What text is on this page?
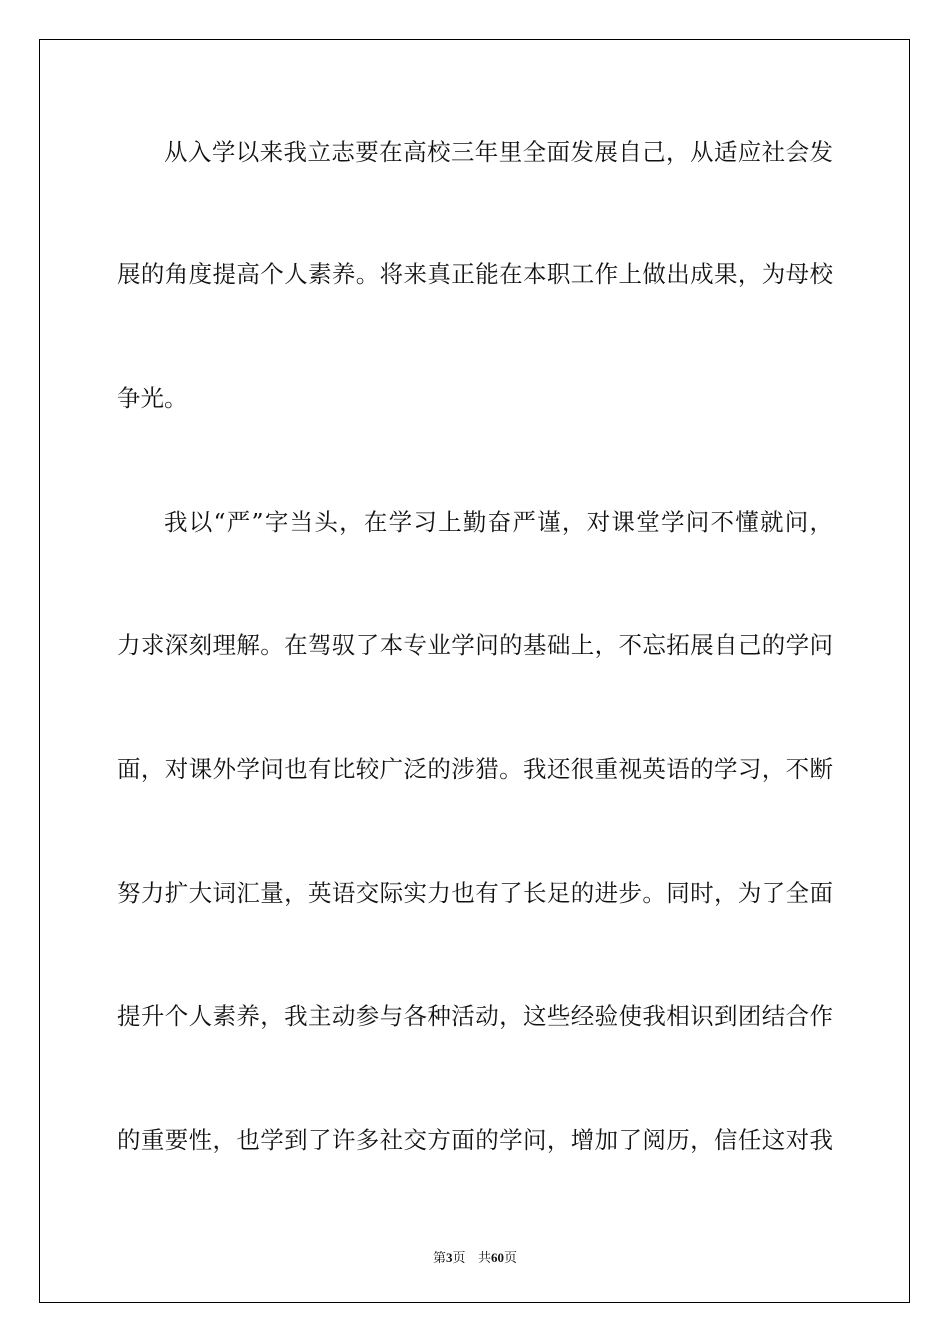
从入学以来我立志要在高校三年里全面发展自己，从适应社会发
展的角度提高个人素养。将来真正能在本职工作上做出成果，为母校
争光。
我以“严”字当头，在学习上勤奋严谨，对课堂学问不懂就问，
力求深刻理解。在驾驭了本专业学问的基础上，不忘拓展自己的学问
面，对课外学问也有比较广泛的涉猎。我还很重视英语的学习，不断
努力扩大词汇量，英语交际实力也有了长足的进步。同时，为了全面
提升个人素养，我主动参与各种活动，这些经验使我相识到团结合作
的重要性，也学到了许多社交方面的学问，增加了阅历，信任这对我
第3页 共60页
